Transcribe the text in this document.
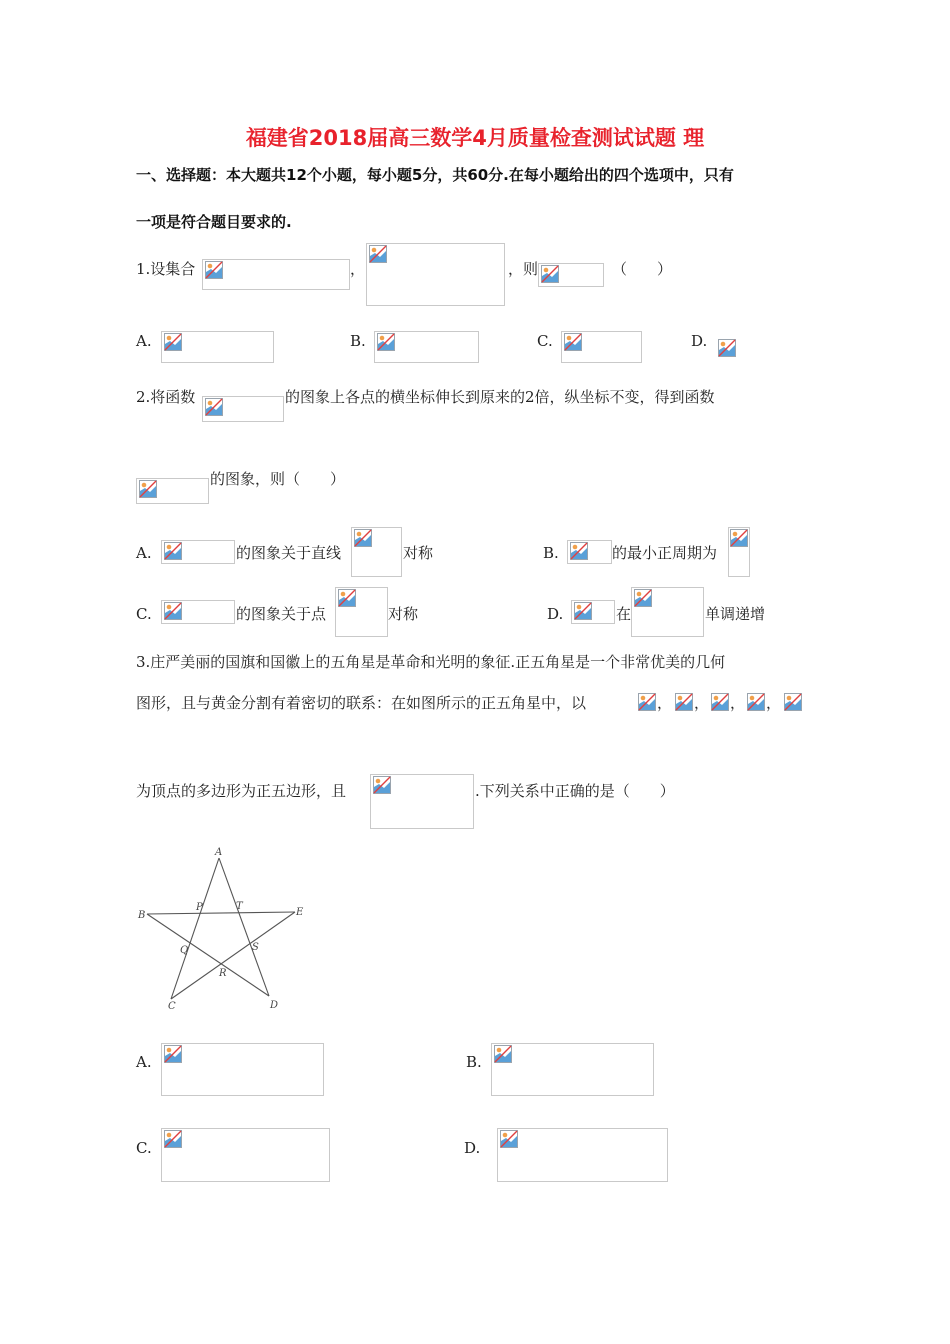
福建省2018届高三数学4月质量检查测试试题 理
一、选择题：本大题共12个小题，每小题5分，共60分.在每小题给出的四个选项中，只有
一项是符合题目要求的.
1.设集合	，	，则	（　　）
A.	B.	C.	D.
2.将函数	的图象上各点的横坐标伸长到原来的2倍，纵坐标不变，得到函数
的图象，则（　　）
A.	的图象关于直线	对称	B.	的最小正周期为
C.	的图象关于点	对称	D.	在	单调递增
3.庄严美丽的国旗和国徽上的五角星是革命和光明的象征.正五角星是一个非常优美的几何
图形，且与黄金分割有着密切的联系：在如图所示的正五角星中，以	， ， ， ，
为顶点的多边形为正五边形，且	.下列关系中正确的是（　　）
A
B	E
P	T
Q	S
R
C	D
A.	B.
C.	D.
